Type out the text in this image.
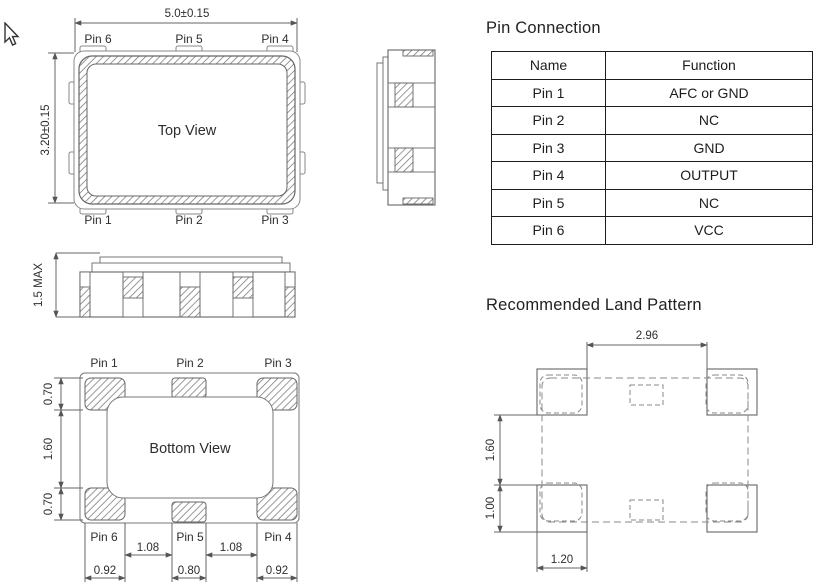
Top View
5.0±0.15
3.20±0.15
Pin 6	Pin 5	Pin 4
Pin 1	Pin 2	Pin 3
1.5 MAX
Bottom View
Pin 1	Pin 2	Pin 3
0.70
1.60
0.70
Pin 6	Pin 5	Pin 4
1.08	1.08
0.92	0.80	0.92
Pin Connection
Name	Function
Pin 1	AFC or GND
Pin 2	NC
Pin 3	GND
Pin 4	OUTPUT
Pin 5	NC
Pin 6	VCC
Recommended Land Pattern
2.96
1.60
1.00
1.20
